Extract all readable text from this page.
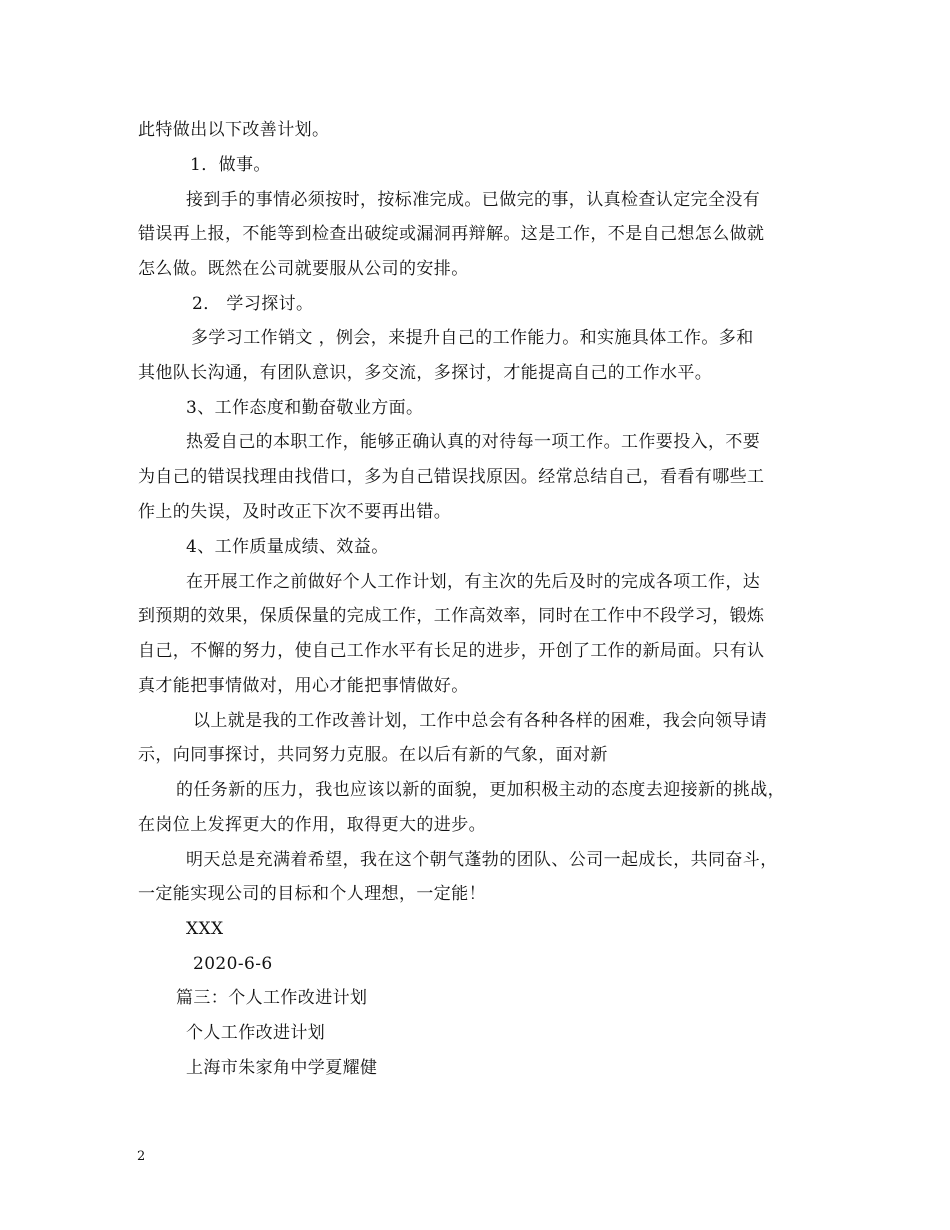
此特做出以下改善计划。

1．做事。

接到手的事情必须按时，按标准完成。已做完的事，认真检查认定完全没有

错误再上报，不能等到检查出破绽或漏洞再辩解。这是工作，不是自己想怎么做就

怎么做。既然在公司就要服从公司的安排。

2． 学习探讨。

多学习工作销文 ，例会，来提升自己的工作能力。和实施具体工作。多和

其他队长沟通，有团队意识，多交流，多探讨，才能提高自己的工作水平。

3、工作态度和勤奋敬业方面。

热爱自己的本职工作，能够正确认真的对待每一项工作。工作要投入，不要

为自己的错误找理由找借口，多为自己错误找原因。经常总结自己，看看有哪些工

作上的失误，及时改正下次不要再出错。

4、工作质量成绩、效益。

在开展工作之前做好个人工作计划，有主次的先后及时的完成各项工作，达

到预期的效果，保质保量的完成工作，工作高效率，同时在工作中不段学习，锻炼

自己，不懈的努力，使自己工作水平有长足的进步，开创了工作的新局面。只有认

真才能把事情做对，用心才能把事情做好。

以上就是我的工作改善计划，工作中总会有各种各样的困难，我会向领导请

示，向同事探讨，共同努力克服。在以后有新的气象，面对新

的任务新的压力，我也应该以新的面貌，更加积极主动的态度去迎接新的挑战，

在岗位上发挥更大的作用，取得更大的进步。

明天总是充满着希望，我在这个朝气蓬勃的团队、公司一起成长，共同奋斗，

一定能实现公司的目标和个人理想，一定能！

XXX

2020-6-6

篇三：个人工作改进计划

个人工作改进计划

上海市朱家角中学夏耀健

2
